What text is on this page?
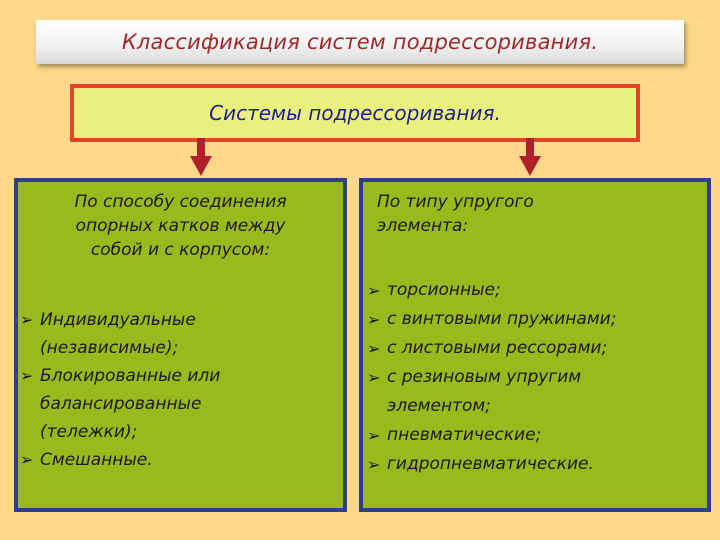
Классификация систем подрессоривания.
Системы подрессоривания.
По способу соединения
опорных катков между
собой и с корпусом:
➢ Индивидуальные
(независимые);
➢ Блокированные или
балансированные
(тележки);
➢ Смешанные.
По типу упругого
элемента:
➢ торсионные;
➢ с винтовыми пружинами;
➢ с листовыми рессорами;
➢ с резиновым упругим
элементом;
➢ пневматические;
➢ гидропневматические.
